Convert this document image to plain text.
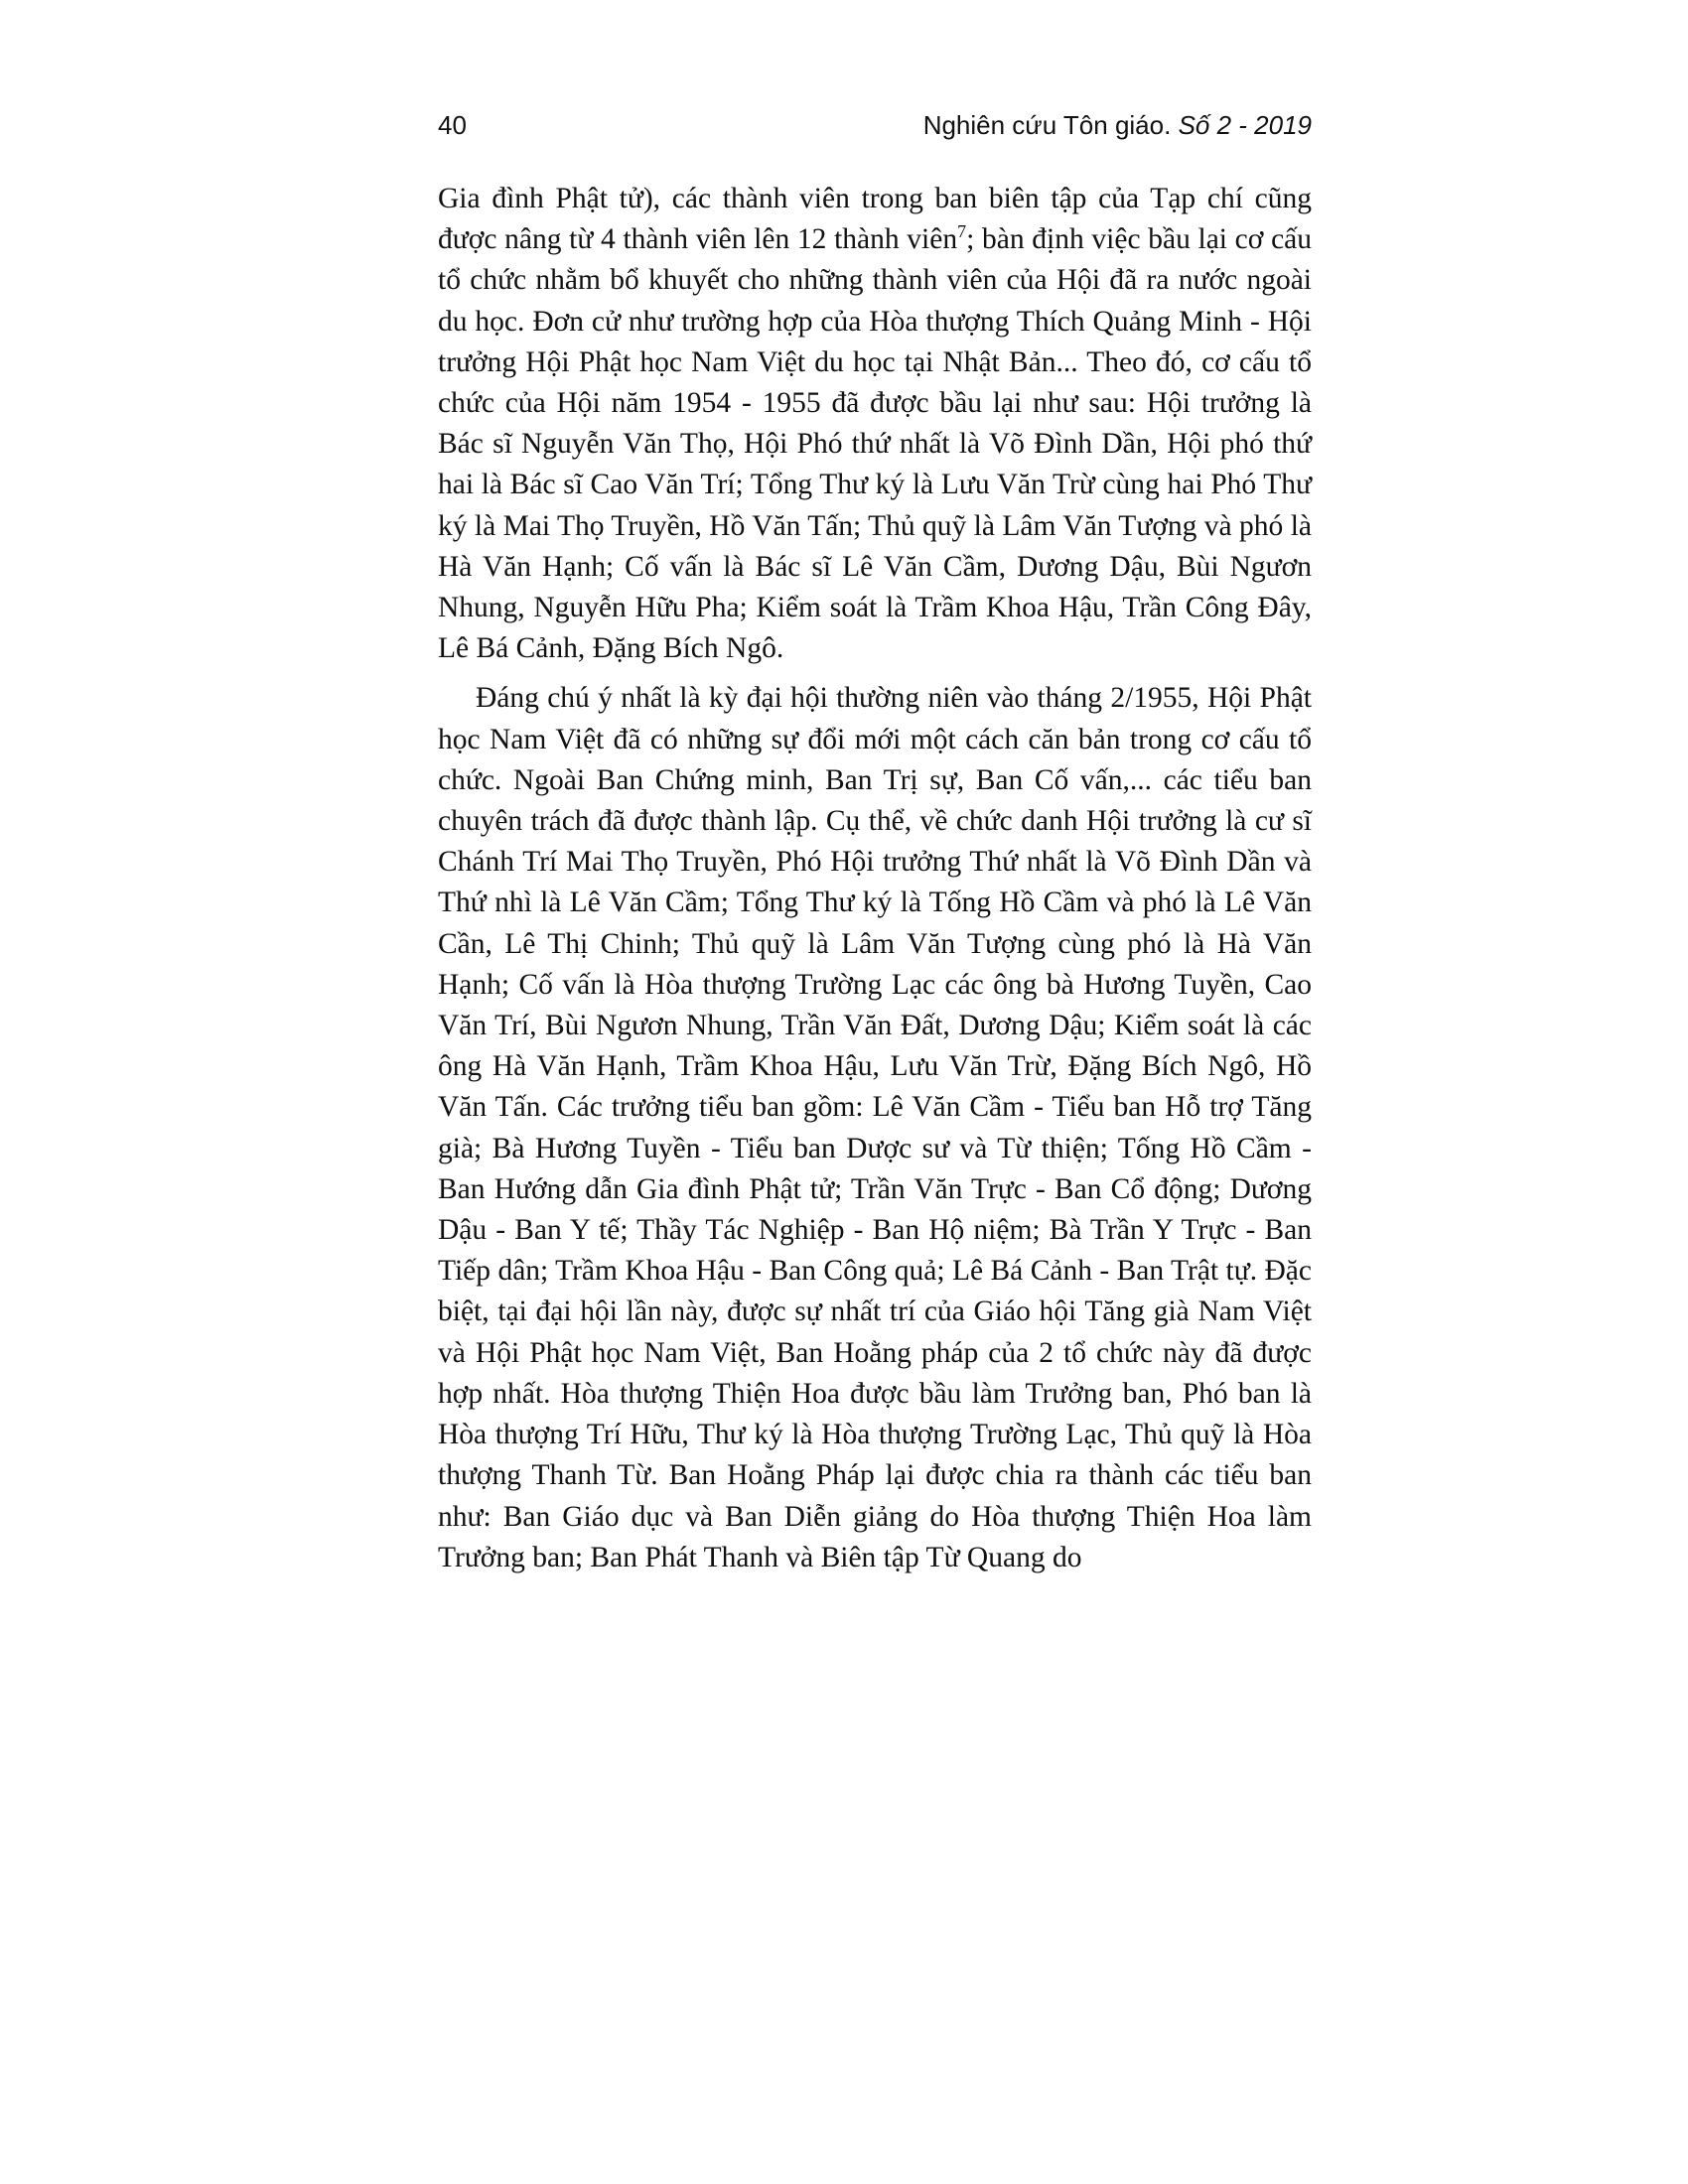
40	Nghiên cứu Tôn giáo. Số 2 - 2019

Gia đình Phật tử), các thành viên trong ban biên tập của Tạp chí cũng được nâng từ 4 thành viên lên 12 thành viên$^7$; bàn định việc bầu lại cơ cấu tổ chức nhằm bổ khuyết cho những thành viên của Hội đã ra nước ngoài du học. Đơn cử như trường hợp của Hòa thượng Thích Quảng Minh - Hội trưởng Hội Phật học Nam Việt du học tại Nhật Bản... Theo đó, cơ cấu tổ chức của Hội năm 1954 - 1955 đã được bầu lại như sau: Hội trưởng là Bác sĩ Nguyễn Văn Thọ, Hội Phó thứ nhất là Võ Đình Dần, Hội phó thứ hai là Bác sĩ Cao Văn Trí; Tổng Thư ký là Lưu Văn Trừ cùng hai Phó Thư ký là Mai Thọ Truyền, Hồ Văn Tấn; Thủ quỹ là Lâm Văn Tượng và phó là Hà Văn Hạnh; Cố vấn là Bác sĩ Lê Văn Cầm, Dương Dậu, Bùi Ngươn Nhung, Nguyễn Hữu Pha; Kiểm soát là Trầm Khoa Hậu, Trần Công Đây, Lê Bá Cảnh, Đặng Bích Ngô.

Đáng chú ý nhất là kỳ đại hội thường niên vào tháng 2/1955, Hội Phật học Nam Việt đã có những sự đổi mới một cách căn bản trong cơ cấu tổ chức. Ngoài Ban Chứng minh, Ban Trị sự, Ban Cố vấn,... các tiểu ban chuyên trách đã được thành lập. Cụ thể, về chức danh Hội trưởng là cư sĩ Chánh Trí Mai Thọ Truyền, Phó Hội trưởng Thứ nhất là Võ Đình Dần và Thứ nhì là Lê Văn Cầm; Tổng Thư ký là Tống Hồ Cầm và phó là Lê Văn Cần, Lê Thị Chinh; Thủ quỹ là Lâm Văn Tượng cùng phó là Hà Văn Hạnh; Cố vấn là Hòa thượng Trường Lạc các ông bà Hương Tuyền, Cao Văn Trí, Bùi Ngươn Nhung, Trần Văn Đất, Dương Dậu; Kiểm soát là các ông Hà Văn Hạnh, Trầm Khoa Hậu, Lưu Văn Trừ, Đặng Bích Ngô, Hồ Văn Tấn. Các trưởng tiểu ban gồm: Lê Văn Cầm - Tiểu ban Hỗ trợ Tăng già; Bà Hương Tuyền - Tiểu ban Dược sư và Từ thiện; Tống Hồ Cầm - Ban Hướng dẫn Gia đình Phật tử; Trần Văn Trực - Ban Cổ động; Dương Dậu - Ban Y tế; Thầy Tác Nghiệp - Ban Hộ niệm; Bà Trần Y Trực - Ban Tiếp dân; Trầm Khoa Hậu - Ban Công quả; Lê Bá Cảnh - Ban Trật tự. Đặc biệt, tại đại hội lần này, được sự nhất trí của Giáo hội Tăng già Nam Việt và Hội Phật học Nam Việt, Ban Hoằng pháp của 2 tổ chức này đã được hợp nhất. Hòa thượng Thiện Hoa được bầu làm Trưởng ban, Phó ban là Hòa thượng Trí Hữu, Thư ký là Hòa thượng Trường Lạc, Thủ quỹ là Hòa thượng Thanh Từ. Ban Hoằng Pháp lại được chia ra thành các tiểu ban như: Ban Giáo dục và Ban Diễn giảng do Hòa thượng Thiện Hoa làm Trưởng ban; Ban Phát Thanh và Biên tập Từ Quang do
